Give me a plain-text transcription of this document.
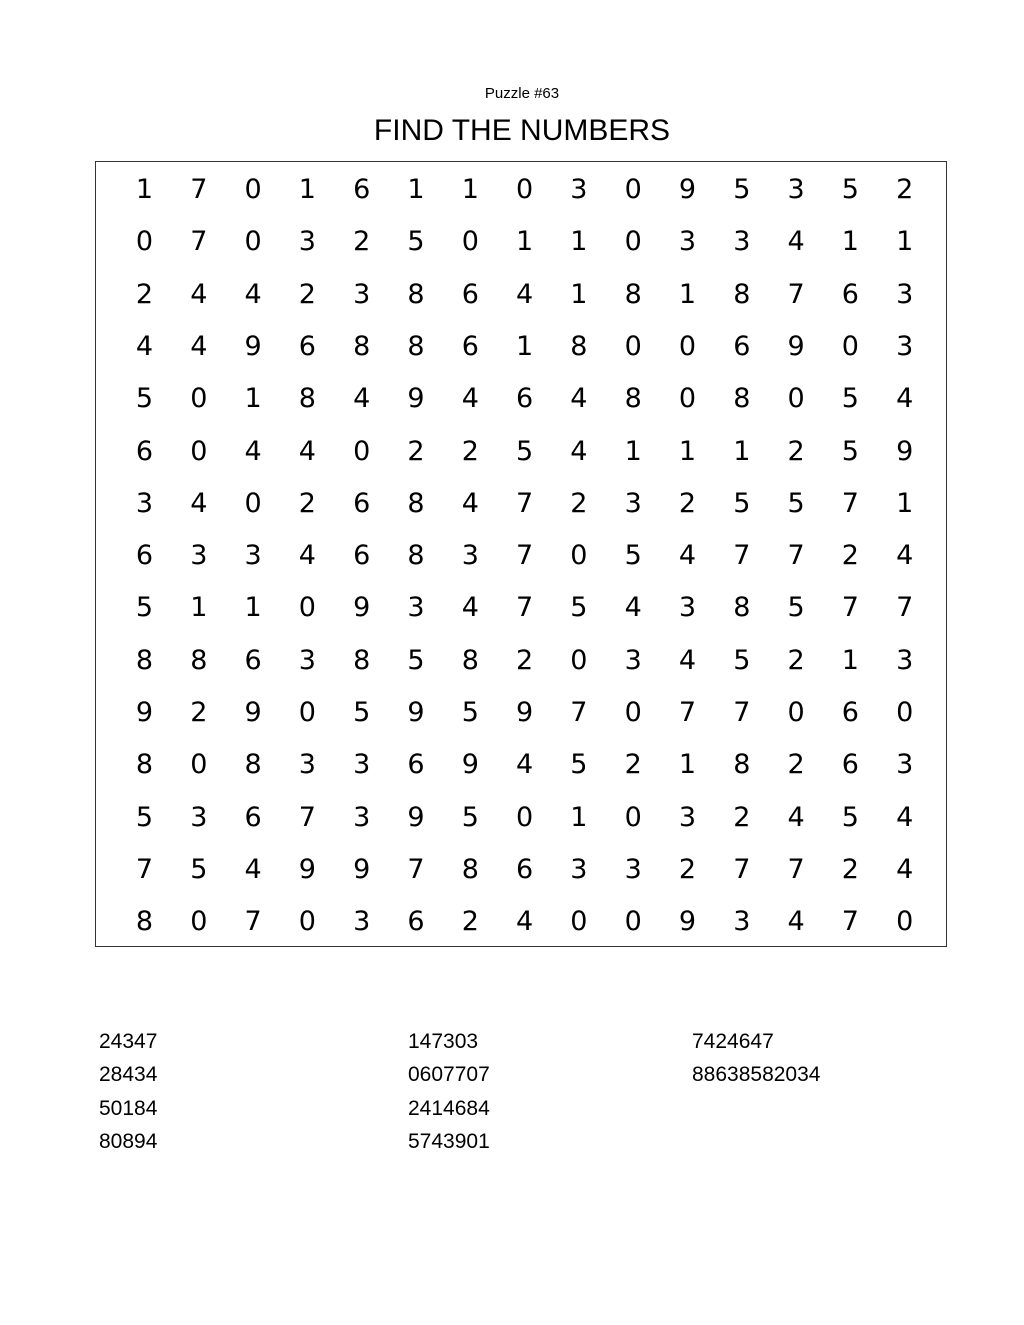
Puzzle #63
FIND THE NUMBERS
1	7	0	1	6	1	1	0	3	0	9	5	3	5	2
0	7	0	3	2	5	0	1	1	0	3	3	4	1	1
2	4	4	2	3	8	6	4	1	8	1	8	7	6	3
4	4	9	6	8	8	6	1	8	0	0	6	9	0	3
5	0	1	8	4	9	4	6	4	8	0	8	0	5	4
6	0	4	4	0	2	2	5	4	1	1	1	2	5	9
3	4	0	2	6	8	4	7	2	3	2	5	5	7	1
6	3	3	4	6	8	3	7	0	5	4	7	7	2	4
5	1	1	0	9	3	4	7	5	4	3	8	5	7	7
8	8	6	3	8	5	8	2	0	3	4	5	2	1	3
9	2	9	0	5	9	5	9	7	0	7	7	0	6	0
8	0	8	3	3	6	9	4	5	2	1	8	2	6	3
5	3	6	7	3	9	5	0	1	0	3	2	4	5	4
7	5	4	9	9	7	8	6	3	3	2	7	7	2	4
8	0	7	0	3	6	2	4	0	0	9	3	4	7	0
24347
28434
50184
80894
147303
0607707
2414684
5743901
7424647
88638582034
